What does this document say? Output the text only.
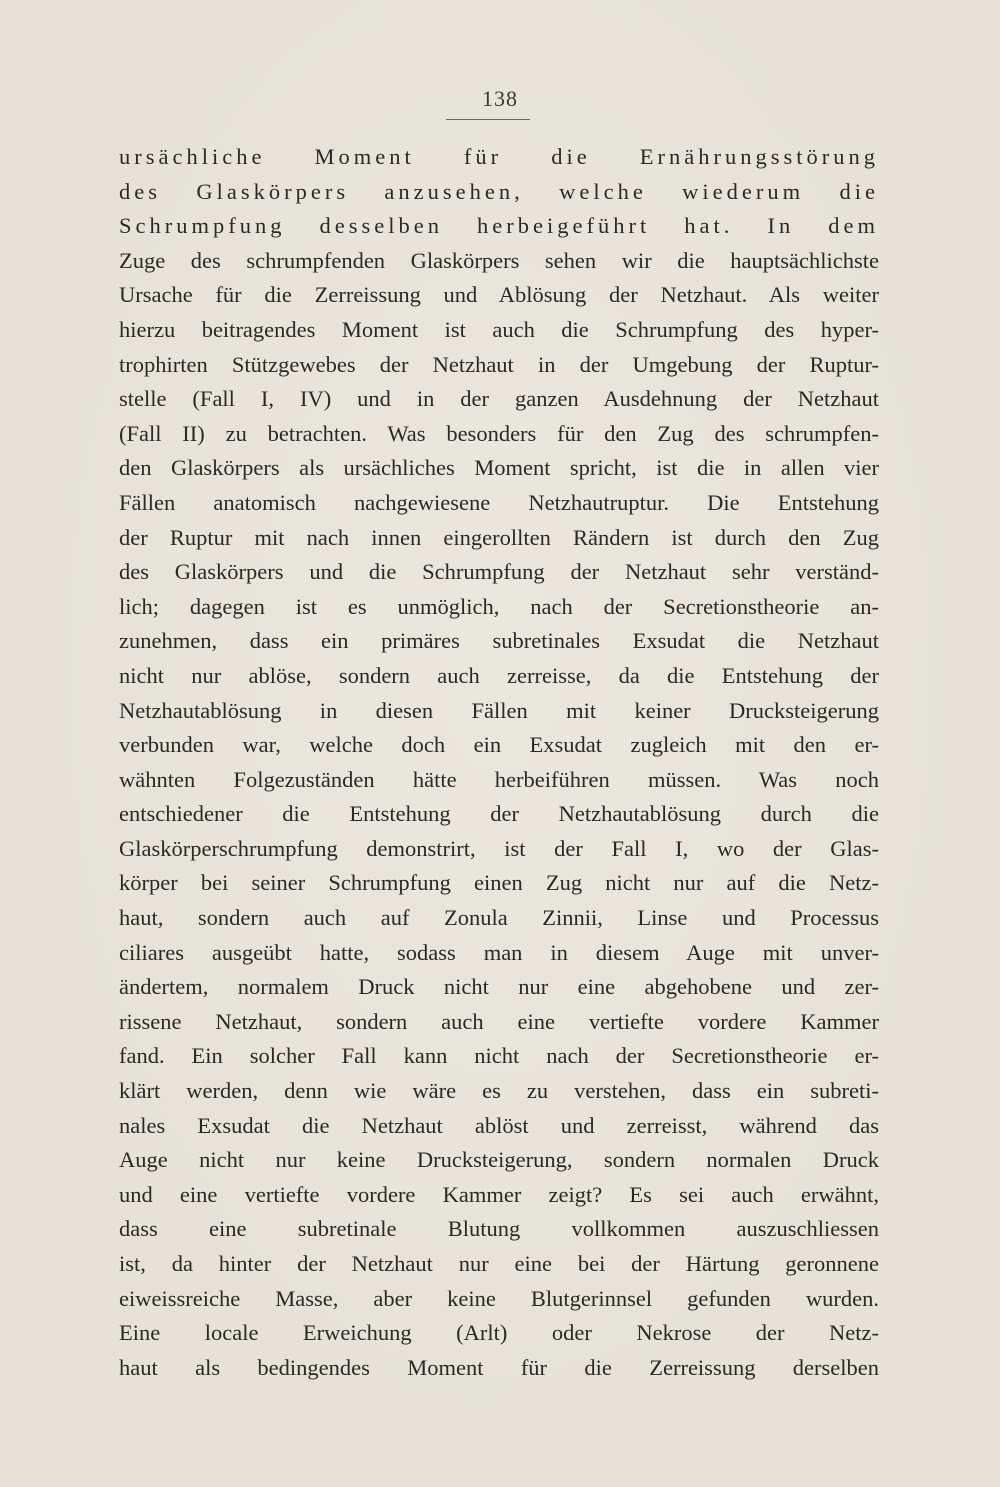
138
ursächliche Moment für die Ernährungsstörung
des Glaskörpers anzusehen, welche wiederum die
Schrumpfung desselben herbeigeführt hat. In dem
Zuge des schrumpfenden Glaskörpers sehen wir die hauptsächlichste
Ursache für die Zerreissung und Ablösung der Netzhaut. Als weiter
hierzu beitragendes Moment ist auch die Schrumpfung des hyper-
trophirten Stützgewebes der Netzhaut in der Umgebung der Ruptur-
stelle (Fall I, IV) und in der ganzen Ausdehnung der Netzhaut
(Fall II) zu betrachten. Was besonders für den Zug des schrumpfen-
den Glaskörpers als ursächliches Moment spricht, ist die in allen vier
Fällen anatomisch nachgewiesene Netzhautruptur. Die Entstehung
der Ruptur mit nach innen eingerollten Rändern ist durch den Zug
des Glaskörpers und die Schrumpfung der Netzhaut sehr verständ-
lich; dagegen ist es unmöglich, nach der Secretionstheorie an-
zunehmen, dass ein primäres subretinales Exsudat die Netzhaut
nicht nur ablöse, sondern auch zerreisse, da die Entstehung der
Netzhautablösung in diesen Fällen mit keiner Drucksteigerung
verbunden war, welche doch ein Exsudat zugleich mit den er-
wähnten Folgezuständen hätte herbeiführen müssen. Was noch
entschiedener die Entstehung der Netzhautablösung durch die
Glaskörperschrumpfung demonstrirt, ist der Fall I, wo der Glas-
körper bei seiner Schrumpfung einen Zug nicht nur auf die Netz-
haut, sondern auch auf Zonula Zinnii, Linse und Processus
ciliares ausgeübt hatte, sodass man in diesem Auge mit unver-
ändertem, normalem Druck nicht nur eine abgehobene und zer-
rissene Netzhaut, sondern auch eine vertiefte vordere Kammer
fand. Ein solcher Fall kann nicht nach der Secretionstheorie er-
klärt werden, denn wie wäre es zu verstehen, dass ein subreti-
nales Exsudat die Netzhaut ablöst und zerreisst, während das
Auge nicht nur keine Drucksteigerung, sondern normalen Druck
und eine vertiefte vordere Kammer zeigt? Es sei auch erwähnt,
dass eine subretinale Blutung vollkommen auszuschliessen
ist, da hinter der Netzhaut nur eine bei der Härtung geronnene
eiweissreiche Masse, aber keine Blutgerinnsel gefunden wurden.
Eine locale Erweichung (Arlt) oder Nekrose der Netz-
haut als bedingendes Moment für die Zerreissung derselben
